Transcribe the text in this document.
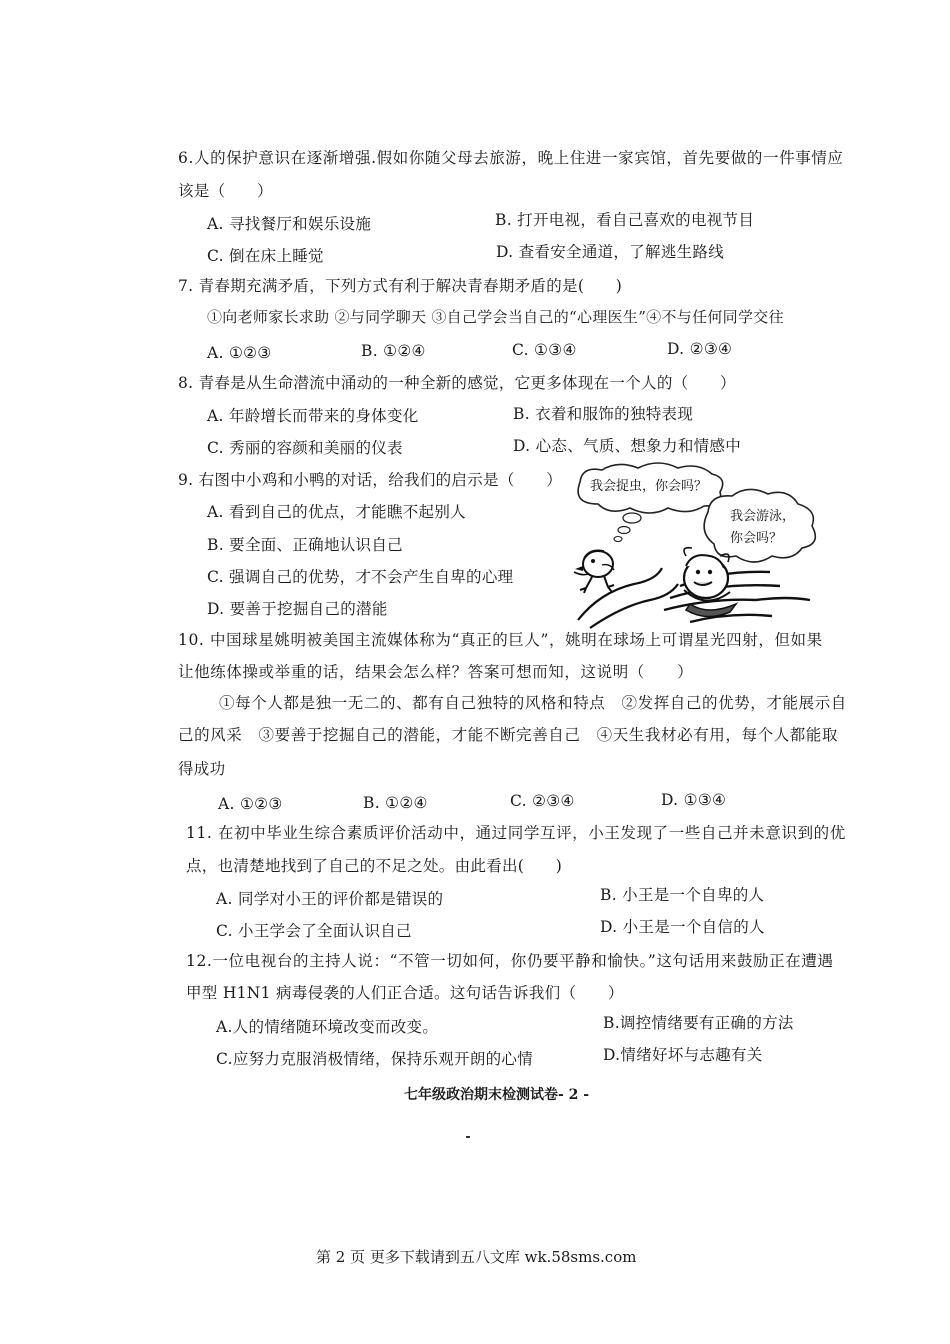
6.人的保护意识在逐渐增强.假如你随父母去旅游，晚上住进一家宾馆，首先要做的一件事情应
该是（　　）
A. 寻找餐厅和娱乐设施	B. 打开电视，看自己喜欢的电视节目
C. 倒在床上睡觉	D. 查看安全通道，了解逃生路线
7. 青春期充满矛盾，下列方式有利于解决青春期矛盾的是(　　)
①向老师家长求助 ②与同学聊天 ③自己学会当自己的“心理医生”④不与任何同学交往
A. ①②③	B. ①②④	C. ①③④	D. ②③④
8. 青春是从生命潜流中涌动的一种全新的感觉，它更多体现在一个人的（　　）
A. 年龄增长而带来的身体变化	B. 衣着和服饰的独特表现
C. 秀丽的容颜和美丽的仪表	D. 心态、气质、想象力和情感中
9. 右图中小鸡和小鸭的对话，给我们的启示是（　　）
A. 看到自己的优点，才能瞧不起别人
B. 要全面、正确地认识自己
C. 强调自己的优势，才不会产生自卑的心理
D. 要善于挖掘自己的潜能
我会捉虫，你会吗？
我会游泳，
你会吗？
10. 中国球星姚明被美国主流媒体称为“真正的巨人”，姚明在球场上可谓星光四射，但如果
让他练体操或举重的话，结果会怎么样？答案可想而知，这说明（　　）
①每个人都是独一无二的、都有自己独特的风格和特点　②发挥自己的优势，才能展示自
己的风采　③要善于挖掘自己的潜能，才能不断完善自己　④天生我材必有用，每个人都能取
得成功
A. ①②③	B. ①②④	C. ②③④	D. ①③④
11. 在初中毕业生综合素质评价活动中，通过同学互评，小王发现了一些自己并未意识到的优
点，也清楚地找到了自己的不足之处。由此看出(　　)
A. 同学对小王的评价都是错误的	B. 小王是一个自卑的人
C. 小王学会了全面认识自己	D. 小王是一个自信的人
12.一位电视台的主持人说：“不管一切如何，你仍要平静和愉快。”这句话用来鼓励正在遭遇
甲型 H1N1 病毒侵袭的人们正合适。这句话告诉我们（　　）
A.人的情绪随环境改变而改变。	B.调控情绪要有正确的方法
C.应努力克服消极情绪，保持乐观开朗的心情	D.情绪好坏与志趣有关
七年级政治期末检测试卷- 2 -
第 2 页 更多下载请到五八文库 wk.58sms.com
